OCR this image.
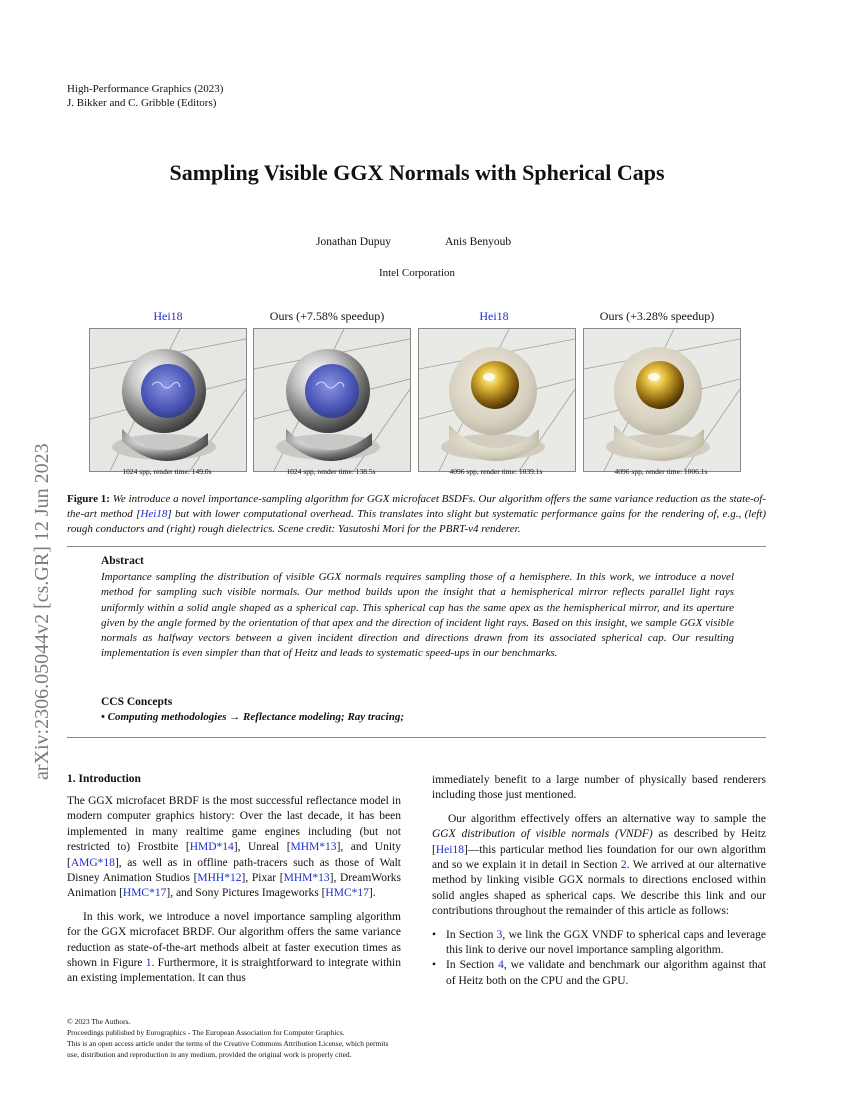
High-Performance Graphics (2023)
J. Bikker and C. Gribble (Editors)
Sampling Visible GGX Normals with Spherical Caps
Jonathan Dupuy	Anis Benyoub
Intel Corporation
Hei18	Ours (+7.58% speedup)	Hei18	Ours (+3.28% speedup)
1024 spp, render time: 149.0s	1024 spp, render time: 138.5s	4096 spp, render time: 1039.1s	4096 spp, render time: 1006.1s
Figure 1: We introduce a novel importance-sampling algorithm for GGX microfacet BSDFs. Our algorithm offers the same variance reduction as the state-of-the-art method [Hei18] but with lower computational overhead. This translates into slight but systematic performance gains for the rendering of, e.g., (left) rough conductors and (right) rough dielectrics. Scene credit: Yasutoshi Mori for the PBRT-v4 renderer.
Abstract
Importance sampling the distribution of visible GGX normals requires sampling those of a hemisphere. In this work, we introduce a novel method for sampling such visible normals. Our method builds upon the insight that a hemispherical mirror reflects parallel light rays uniformly within a solid angle shaped as a spherical cap. This spherical cap has the same apex as the hemispherical mirror, and its aperture given by the angle formed by the orientation of that apex and the direction of incident light rays. Based on this insight, we sample GGX visible normals as halfway vectors between a given incident direction and directions drawn from its associated spherical cap. Our resulting implementation is even simpler than that of Heitz and leads to systematic speed-ups in our benchmarks.
CCS Concepts
• Computing methodologies → Reflectance modeling; Ray tracing;
arXiv:2306.05044v2 [cs.GR] 12 Jun 2023 1. Introduction

The GGX microfacet BRDF is the most successful reflectance model in modern computer graphics history: Over the last decade, it has been implemented in many realtime game engines including (but not restricted to) Frostbite [HMD*14], Unreal [MHM*13], and Unity [AMG*18], as well as in offline path-tracers such as those of Walt Disney Animation Studios [MHH*12], Pixar [MHM*13], DreamWorks Animation [HMC*17], and Sony Pictures Imageworks [HMC*17].

In this work, we introduce a novel importance sampling algorithm for the GGX microfacet BRDF. Our algorithm offers the same variance reduction as state-of-the-art methods albeit at faster execution times as shown in Figure 1. Furthermore, it is straightforward to integrate within an existing implementation. It can thus

immediately benefit to a large number of physically based renderers including those just mentioned.

Our algorithm effectively offers an alternative way to sample the GGX distribution of visible normals (VNDF) as described by Heitz [Hei18]—this particular method lies foundation for our own algorithm and so we explain it in detail in Section 2. We arrived at our alternative method by linking visible GGX normals to directions enclosed within solid angles shaped as spherical caps. We describe this link and our contributions throughout the remainder of this article as follows:

• In Section 3, we link the GGX VNDF to spherical caps and leverage this link to derive our novel importance sampling algorithm.
• In Section 4, we validate and benchmark our algorithm against that of Heitz both on the CPU and the GPU.
© 2023 The Authors.
Proceedings published by Eurographics - The European Association for Computer Graphics.
This is an open access article under the terms of the Creative Commons Attribution License, which permits use, distribution and reproduction in any medium, provided the original work is properly cited.
